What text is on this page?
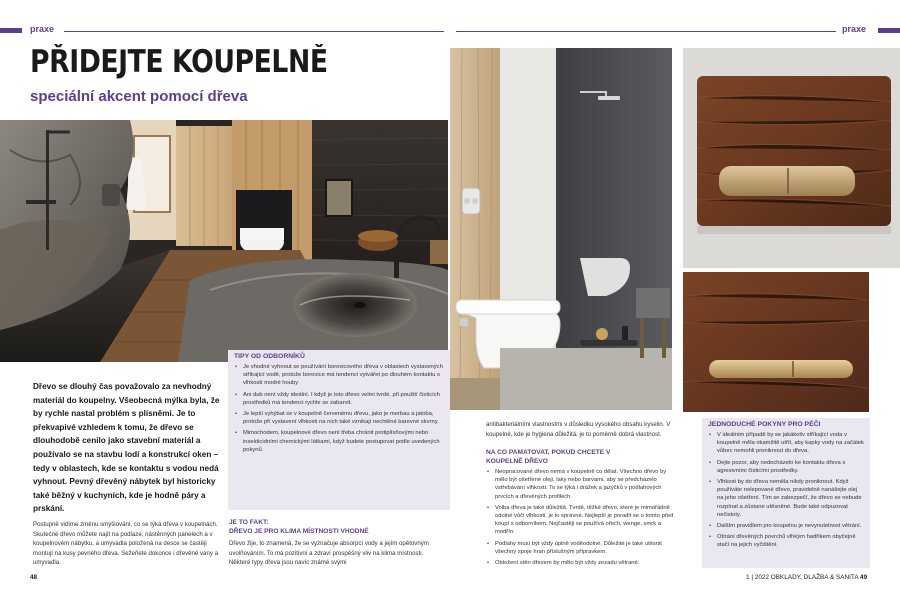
praxe	praxe
PŘIDEJTE KOUPELNĚ
speciální akcent pomocí dřeva
Dřevo se dlouhý čas považovalo za nevhodný materiál do koupelny. Všeobecná mýlka byla, že by rychle nastal problém s plísněmi. Je to překvapivé vzhledem k tomu, že dřevo se dlouhodobě cenilo jako stavební materiál a používalo se na stavbu lodí a konstrukcí oken – tedy v oblastech, kde se kontaktu s vodou nedá vyhnout. Pevný dřevěný nábytek byl historicky také běžný v kuchyních, kde je hodně páry a prskání.
Postupně vidíme změnu smýšlování, co se týká dřeva v koupelnách. Skutečné dřevo můžete najít na podlaze, nástěnných panelech a v koupelnovém nábytku, a umyvadla položená na desce se častěji montují na kusy pevného dřeva. Sežeňete dokonce i dřevěné vany a umyvadla.
48
TIPY OD ODBORNÍKŮ
• Je vhodné vyhnout se používání borovicového dřeva v oblastech vystavených stříkající vodě, protože borovice má tendenci vytvářet po dlouhém kontaktu s vlhkostí modré houby
• Ani dub není vždy ideální. I když je toto dřevo velmi tvrdé, při použití čisticích prostředků má tendenci rychle se zabarvit.
• Je lepší vyhýbat se v koupelně červenému dřevu, jako je merbau a jatoba, protože při vystavení vlhkosti na nich také vznikají nechtěné barevné skvrny.
• Mimochodem, koupelnové dřevo není třeba chránit protiplísňovými nebo insekticidními chemickými látkami, když budete postupovat podle uvedených pokynů.
JE TO FAKT:
DŘEVO JE PRO KLIMA MÍSTNOSTI VHODNÉ
Dřevo žije, to znamená, že se vyznačuje absorpcí vody a jejím opětovným uvolňováním. To má pozitivní a zdraví prospěšný vliv na klima místnosti. Některé typy dřeva jsou navíc známé svými
antibakteriálními vlastnostmi v důsledku vysokého obsahu kyselin. V koupelně, kde je hygiena důležitá, je to poměrně dobrá vlastnost.
NA CO PAMATOVAT, POKUD CHCETE V KOUPELNĚ DŘEVO
• Neopracované dřevo nemá v koupelně co dělat. Všechno dřevo by mělo být ošetřené oleji, laky nebo barvami, aby se předcházelo vstřebávání vlhkosti. To se týká i drážek a jazýčků v podlahových prvcích a dřevěných profilech.
• Volba dřeva je také důležitá. Tvrdé, těžké dřevo, které je mimořádně odolné vůči vlhkosti, je to správné. Nejlepší je poradit se o tomto před koupí s odborníkem. Nejčastěji se používá ořech, wenge, smrk a modřín.
• Podlahy musí být vždy úplně voděodolné. Důležité je také utěsnit všechny spoje hran příslušným přípravkem.
• Obložení stěn dřevem by mělo být vždy zezadu větrané.
JEDNODUCHÉ POKYNY PRO PÉČI
• V ideálním případě by se jakákoliv stříkající voda v koupelně měla okamžitě utřít, aby kapky vody na začátek vůbec nemohli proniknout do dřeva.
• Dejte pozor, aby nedocházelo ke kontaktu dřeva s agresivními čisticími prostředky.
• Vlhkost by do dřeva neměla nikdy proniknout. Když používáte nelepované dřevo, pravidelně nanášejte olej na jeho ošetření. Tím se zabezpečí, že dřevo se nebude rozpínat a zůstane utěsněné. Bude také odpuzovat nečistoty.
• Dalším pravidlem pro koupelnu je nevynutelnost větrání.
• Otírání dřevěných povrchů vlhkým hadříkem obyčejně stačí na jejich vyčištění.
1 | 2022 OBKLADY, DLAŽBA & SANITA 49
